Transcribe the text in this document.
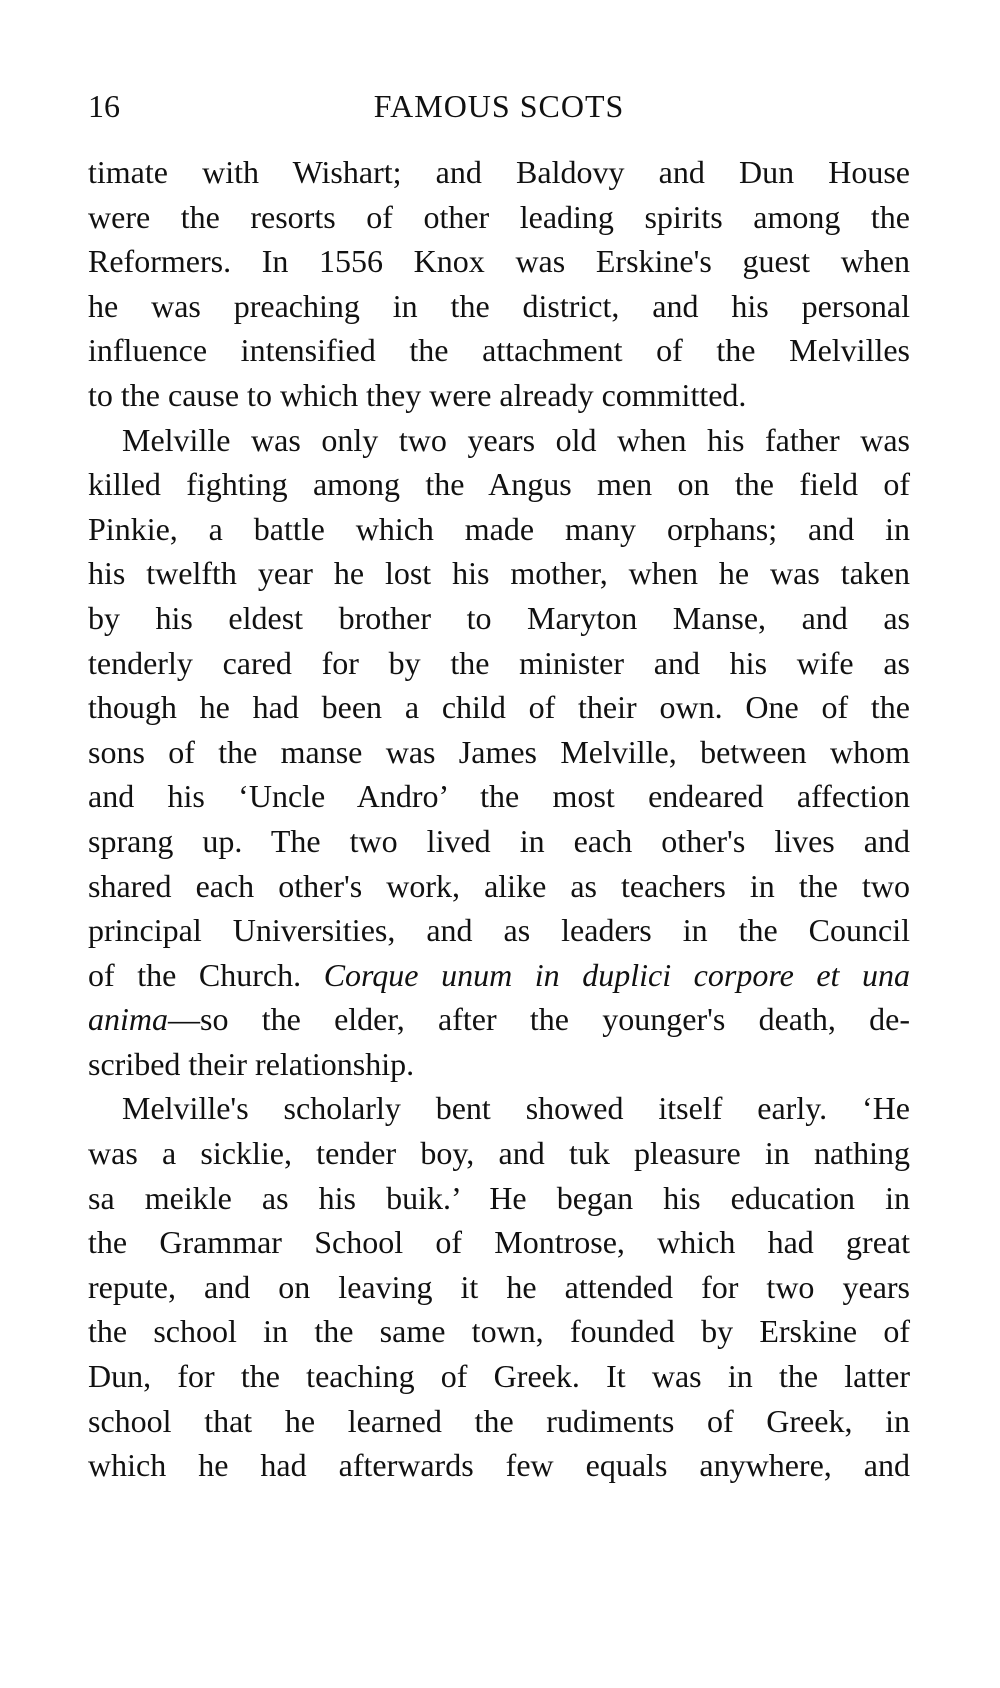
16	FAMOUS SCOTS
timate with Wishart; and Baldovy and Dun House
were the resorts of other leading spirits among the
Reformers. In 1556 Knox was Erskine's guest when
he was preaching in the district, and his personal
influence intensified the attachment of the Melvilles
to the cause to which they were already committed.
Melville was only two years old when his father was
killed fighting among the Angus men on the field of
Pinkie, a battle which made many orphans; and in
his twelfth year he lost his mother, when he was taken
by his eldest brother to Maryton Manse, and as
tenderly cared for by the minister and his wife as
though he had been a child of their own. One of the
sons of the manse was James Melville, between whom
and his ‘Uncle Andro’ the most endeared affection
sprang up. The two lived in each other's lives and
shared each other's work, alike as teachers in the two
principal Universities, and as leaders in the Council
of the Church. Corque unum in duplici corpore et una
anima—so the elder, after the younger's death, de-
scribed their relationship.
Melville's scholarly bent showed itself early. ‘He
was a sicklie, tender boy, and tuk pleasure in nathing
sa meikle as his buik.’ He began his education in
the Grammar School of Montrose, which had great
repute, and on leaving it he attended for two years
the school in the same town, founded by Erskine of
Dun, for the teaching of Greek. It was in the latter
school that he learned the rudiments of Greek, in
which he had afterwards few equals anywhere, and
